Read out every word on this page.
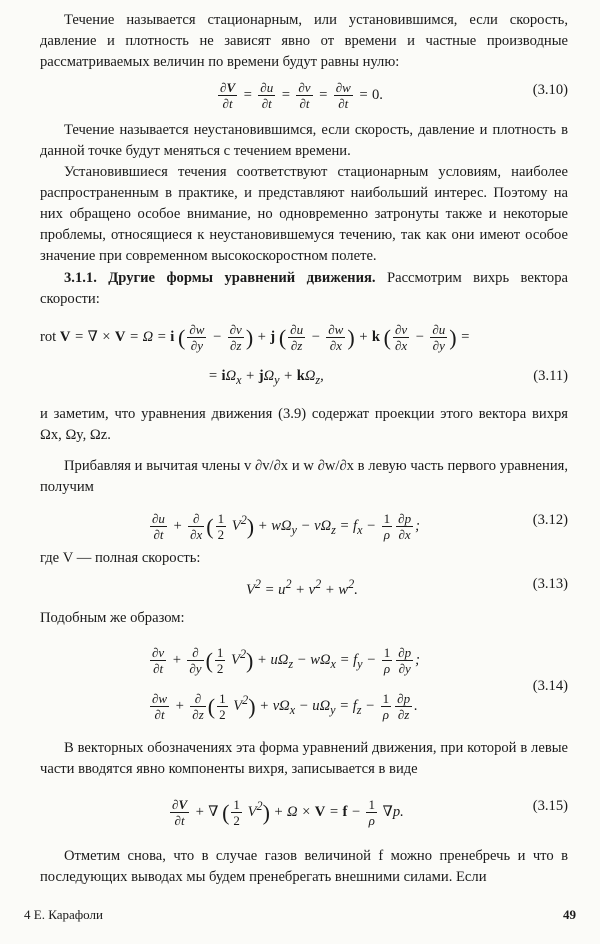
Течение называется стационарным, или установившимся, если скорость, давление и плотность не зависят явно от времени и частные производные рассматриваемых величин по времени будут равны нулю:

$\frac{\partial V}{\partial t} = \frac{\partial u}{\partial t} = \frac{\partial v}{\partial t} = \frac{\partial w}{\partial t} = 0$.	(3.10)

Течение называется неустановившимся, если скорость, давление и плотность в данной точке будут меняться с течением времени.

Установившиеся течения соответствуют стационарным условиям, наиболее распространенным в практике, и представляют наибольший интерес. Поэтому на них обращено особое внимание, но одновременно затронуты также и некоторые проблемы, относящиеся к неустановившемуся течению, так как они имеют особое значение при современном высокоскоростном полете.

3.1.1. Другие формы уравнений движения. Рассмотрим вихрь вектора скорости:

rot V = ∇ × V = Ω = i ( $\frac{\partial w}{\partial y} - \frac{\partial v}{\partial z}$ ) + j ( $\frac{\partial u}{\partial z} - \frac{\partial w}{\partial x}$ ) + k ( $\frac{\partial v}{\partial x} - \frac{\partial u}{\partial y}$ ) =
= $i\Omega_x + j\Omega_y + k\Omega_z$,	(3.11)

и заметим, что уравнения движения (3.9) содержат проекции этого вектора вихря Ωx, Ωy, Ωz.

Прибавляя и вычитая члены v ∂v/∂x и w ∂w/∂x в левую часть первого уравнения, получим

$\frac{\partial u}{\partial t} + \frac{\partial}{\partial x}$ ( $\frac{1}{2} V^2) + w\Omega_y - v\Omega_z = f_x - \frac{1}{\rho} \frac{\partial p}{\partial x}$ ;	(3.12)

где V — полная скорость:

$V^2 = u^2 + v^2 + w^2$.	(3.13)

Подобным же образом:

$\frac{\partial v}{\partial t} + \frac{\partial}{\partial y}$ ( $\frac{1}{2} V^2) + u\Omega_z - w\Omega_x = f_y - \frac{1}{\rho} \frac{\partial p}{\partial y}$ ;
(3.14)
$\frac{\partial w}{\partial t} + \frac{\partial}{\partial z}$ ( $\frac{1}{2} V^2) + v\Omega_x - u\Omega_y = f_z - \frac{1}{\rho} \frac{\partial p}{\partial z}$ .

В векторных обозначениях эта форма уравнений движения, при которой в левые части вводятся явно компоненты вихря, записывается в виде

$\frac{\partial V}{\partial t}$ + ∇ ( $\frac{1}{2} V^2) + \Omega \times V = f - \frac{1}{\rho} \nabla p$.	(3.15)

Отметим снова, что в случае газов величиной f можно пренебречь и что в последующих выводах мы будем пренебрегать внешними силами. Если

4 Е. Карафоли	49
